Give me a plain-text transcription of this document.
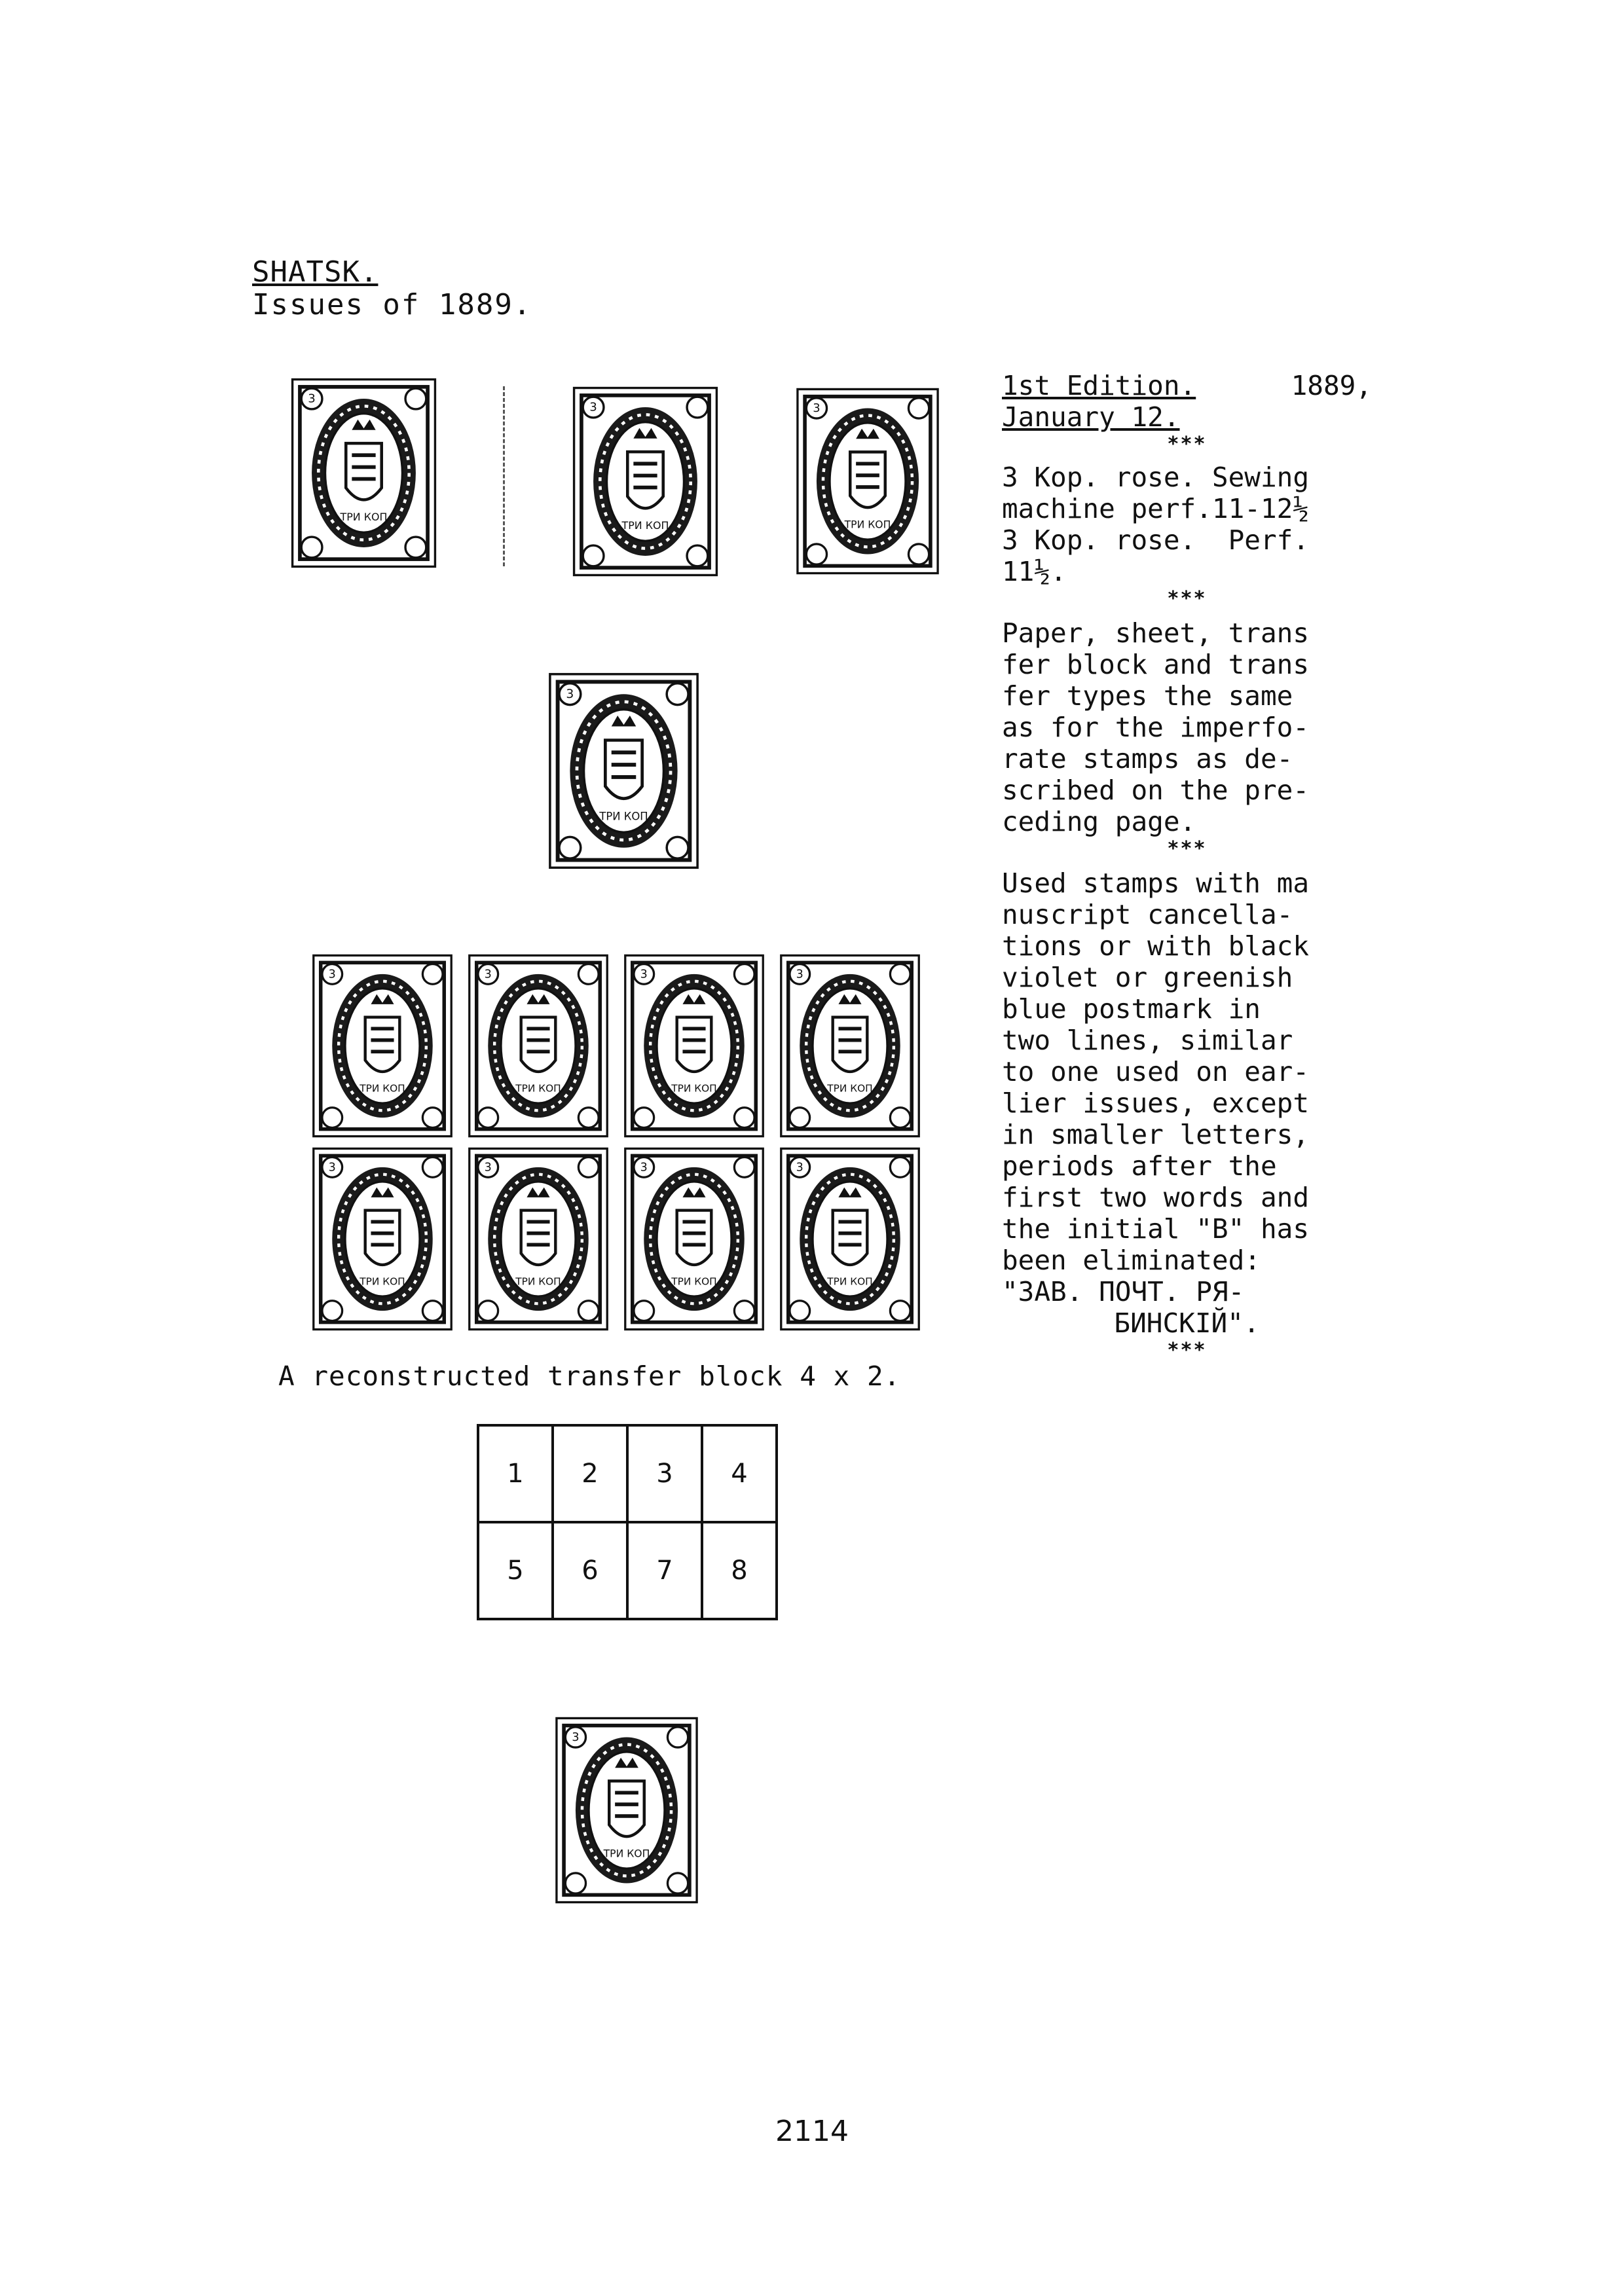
SHATSK.
Issues of 1889.
ТРИ КОП
3
ТРИ КОП
3
ТРИ КОП
3
ТРИ КОП
3
ТРИ КОП
3
ТРИ КОП
3
ТРИ КОП
3
ТРИ КОП
3
ТРИ КОП
3
ТРИ КОП
3
ТРИ КОП
3
ТРИ КОП
3
A reconstructed transfer block 4 x 2.
1	2	3	4
5	6	7	8
ТРИ КОП
3

1st Edition.	1889,

January 12.

***

3 Kop. rose. Sewing

machine perf.11-12½

3 Kop. rose.  Perf.

11½.

***

Paper, sheet, trans

fer block and trans

fer types the same

as for the imperfo-

rate stamps as de-

scribed on the pre-

ceding page.

***

Used stamps with ma

nuscript cancella-

tions or with black

violet or greenish

blue postmark in

two lines, similar

to one used on ear-

lier issues, except

in smaller letters,

periods after the

first two words and

the initial "B" has

been eliminated:

"ЗАВ. ПОЧТ. РЯ-

БИНСКIЙ".

***

2114
